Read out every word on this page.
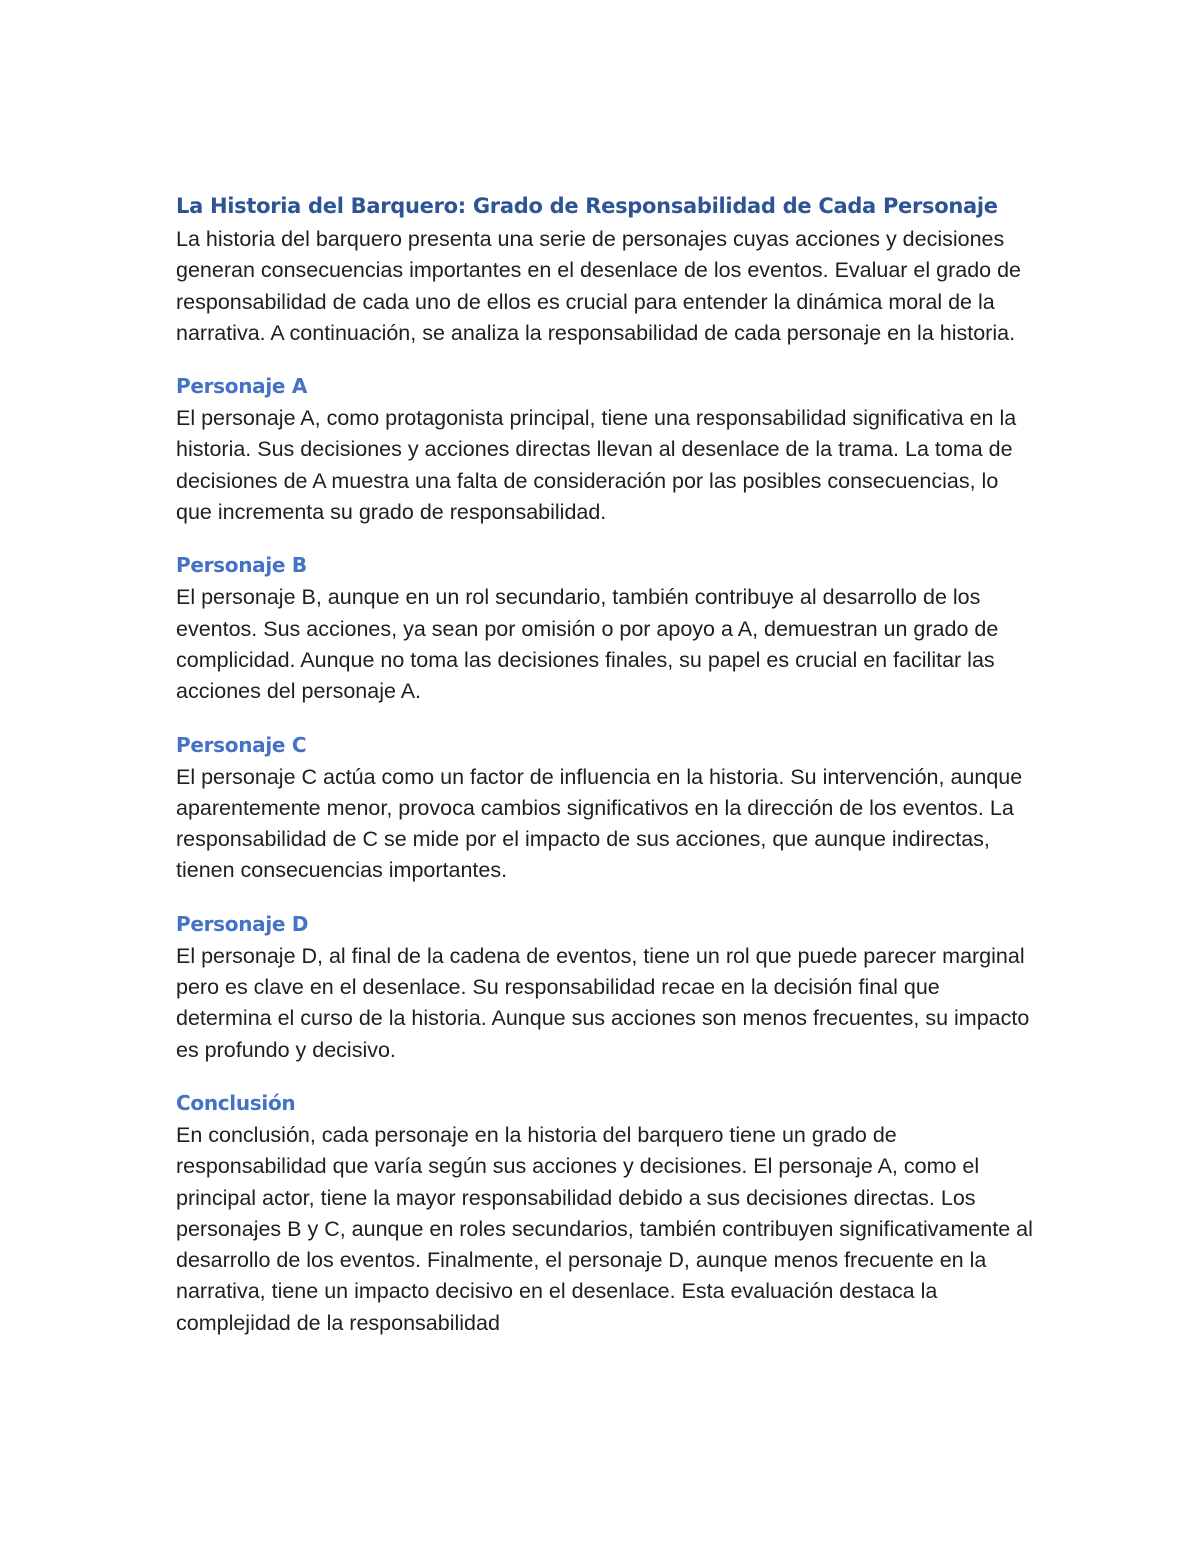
La Historia del Barquero: Grado de Responsabilidad de Cada Personaje

La historia del barquero presenta una serie de personajes cuyas acciones y decisiones generan consecuencias importantes en el desenlace de los eventos. Evaluar el grado de responsabilidad de cada uno de ellos es crucial para entender la dinámica moral de la narrativa. A continuación, se analiza la responsabilidad de cada personaje en la historia.

Personaje A

El personaje A, como protagonista principal, tiene una responsabilidad significativa en la historia. Sus decisiones y acciones directas llevan al desenlace de la trama. La toma de decisiones de A muestra una falta de consideración por las posibles consecuencias, lo que incrementa su grado de responsabilidad.

Personaje B

El personaje B, aunque en un rol secundario, también contribuye al desarrollo de los eventos. Sus acciones, ya sean por omisión o por apoyo a A, demuestran un grado de complicidad. Aunque no toma las decisiones finales, su papel es crucial en facilitar las acciones del personaje A.

Personaje C

El personaje C actúa como un factor de influencia en la historia. Su intervención, aunque aparentemente menor, provoca cambios significativos en la dirección de los eventos. La responsabilidad de C se mide por el impacto de sus acciones, que aunque indirectas, tienen consecuencias importantes.

Personaje D

El personaje D, al final de la cadena de eventos, tiene un rol que puede parecer marginal pero es clave en el desenlace. Su responsabilidad recae en la decisión final que determina el curso de la historia. Aunque sus acciones son menos frecuentes, su impacto es profundo y decisivo.

Conclusión

En conclusión, cada personaje en la historia del barquero tiene un grado de responsabilidad que varía según sus acciones y decisiones. El personaje A, como el principal actor, tiene la mayor responsabilidad debido a sus decisiones directas. Los personajes B y C, aunque en roles secundarios, también contribuyen significativamente al desarrollo de los eventos. Finalmente, el personaje D, aunque menos frecuente en la narrativa, tiene un impacto decisivo en el desenlace. Esta evaluación destaca la complejidad de la responsabilidad
